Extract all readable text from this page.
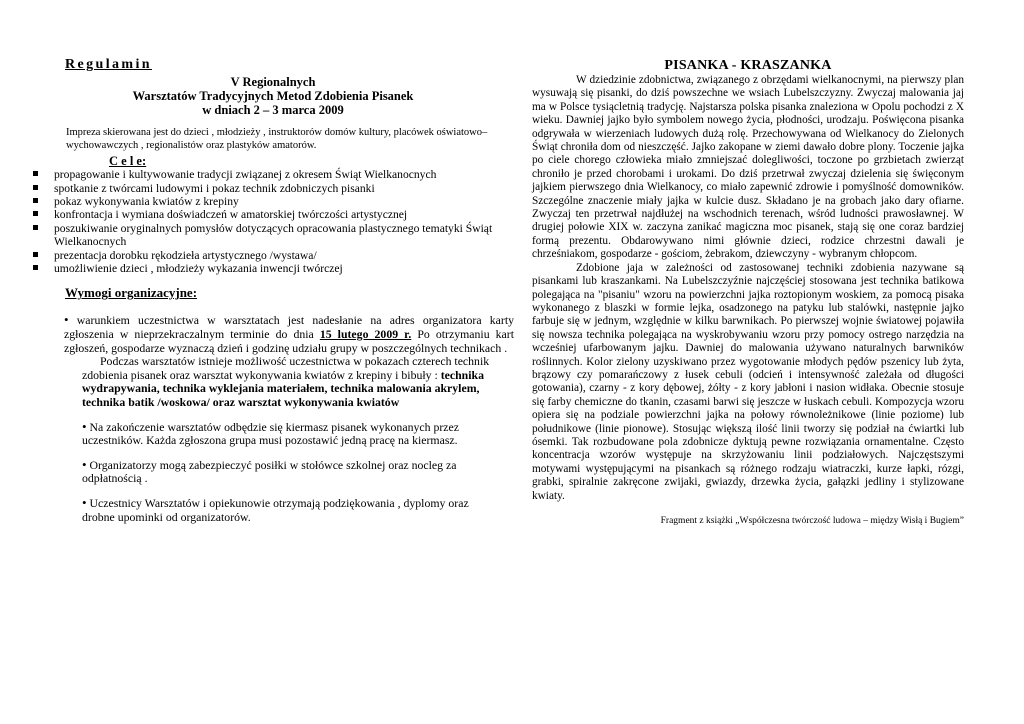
Regulamin
V Regionalnych
Warsztatów Tradycyjnych Metod Zdobienia Pisanek
w dniach 2 – 3 marca 2009
Impreza skierowana jest do dzieci , młodzieży , instruktorów domów kultury, placówek oświatowo–wychowawczych , regionalistów oraz plastyków amatorów.
C e l e:
propagowanie i kultywowanie tradycji związanej z okresem Świąt Wielkanocnych
spotkanie z twórcami ludowymi i pokaz technik zdobniczych pisanki
pokaz wykonywania kwiatów z krepiny
konfrontacja i wymiana doświadczeń w amatorskiej twórczości artystycznej
poszukiwanie oryginalnych pomysłów dotyczących opracowania plastycznego tematyki Świąt Wielkanocnych
prezentacja dorobku rękodzieła artystycznego /wystawa/
umożliwienie dzieci , młodzieży wykazania inwencji twórczej
Wymogi organizacyjne:
• warunkiem uczestnictwa w warsztatach jest nadesłanie na adres organizatora karty zgłoszenia w nieprzekraczalnym terminie do dnia 15 lutego 2009 r. Po otrzymaniu kart zgłoszeń, gospodarze wyznaczą dzień i godzinę udziału grupy w poszczególnych technikach .
Podczas warsztatów istnieje możliwość uczestnictwa w pokazach czterech technik zdobienia pisanek oraz warsztat wykonywania kwiatów z krepiny i bibuły : technika wydrapywania, technika wyklejania materiałem, technika malowania akrylem, technika batik /woskowa/ oraz warsztat wykonywania kwiatów
• Na zakończenie warsztatów odbędzie się kiermasz pisanek wykonanych przez uczestników. Każda zgłoszona grupa musi pozostawić jedną pracę na kiermasz.
• Organizatorzy mogą zabezpieczyć posiłki w stołówce szkolnej oraz nocleg za odpłatnością .
• Uczestnicy Warsztatów i opiekunowie otrzymają podziękowania , dyplomy oraz drobne upominki od organizatorów.
PISANKA - KRASZANKA

W dziedzinie zdobnictwa, związanego z obrzędami wielkanocnymi, na pierwszy plan wysuwają się pisanki, do dziś powszechne we wsiach Lubelszczyzny. Zwyczaj malowania jaj ma w Polsce tysiącletnią tradycję. Najstarsza polska pisanka znaleziona w Opolu pochodzi z X wieku. Dawniej jajko było symbolem nowego życia, płodności, urodzaju. Poświęcona pisanka odgrywała w wierzeniach ludowych dużą rolę. Przechowywana od Wielkanocy do Zielonych Świąt chroniła dom od nieszczęść. Jajko zakopane w ziemi dawało dobre plony. Toczenie jajka po ciele chorego człowieka miało zmniejszać dolegliwości, toczone po grzbietach zwierząt chroniło je przed chorobami i urokami. Do dziś przetrwał zwyczaj dzielenia się święconym jajkiem pierwszego dnia Wielkanocy, co miało zapewnić zdrowie i pomyślność domowników. Szczególne znaczenie miały jajka w kulcie dusz. Składano je na grobach jako dary ofiarne. Zwyczaj ten przetrwał najdłużej na wschodnich terenach, wśród ludności prawosławnej. W drugiej połowie XIX w. zaczyna zanikać magiczna moc pisanek, stają się one coraz bardziej formą prezentu. Obdarowywano nimi głównie dzieci, rodzice chrzestni dawali je chrześniakom, gospodarze - gościom, żebrakom, dziewczyny - wybranym chłopcom.

Zdobione jaja w zależności od zastosowanej techniki zdobienia nazywane są pisankami lub kraszankami. Na Lubelszczyźnie najczęściej stosowana jest technika batikowa polegająca na "pisaniu" wzoru na powierzchni jajka roztopionym woskiem, za pomocą pisaka wykonanego z blaszki w formie lejka, osadzonego na patyku lub stalówki, następnie jajko farbuje się w jednym, względnie w kilku barwnikach. Po pierwszej wojnie światowej pojawiła się nowsza technika polegająca na wyskrobywaniu wzoru przy pomocy ostrego narzędzia na wcześniej ufarbowanym jajku. Dawniej do malowania używano naturalnych barwników roślinnych. Kolor zielony uzyskiwano przez wygotowanie młodych pędów pszenicy lub żyta, brązowy czy pomarańczowy z łusek cebuli (odcień i intensywność zależała od długości gotowania), czarny - z kory dębowej, żółty - z kory jabłoni i nasion widłaka. Obecnie stosuje się farby chemiczne do tkanin, czasami barwi się jeszcze w łuskach cebuli. Kompozycja wzoru opiera się na podziale powierzchni jajka na połowy równoleżnikowe (linie poziome) lub południkowe (linie pionowe). Stosując większą ilość linii tworzy się podział na ćwiartki lub ósemki. Tak rozbudowane pola zdobnicze dyktują pewne rozwiązania ornamentalne. Często koncentracja wzorów występuje na skrzyżowaniu linii podziałowych. Najczęstszymi motywami występującymi na pisankach są różnego rodzaju wiatraczki, kurze łapki, rózgi, grabki, spiralnie zakręcone zwijaki, gwiazdy, drzewka życia, gałązki jedliny i stylizowane kwiaty.

Fragment z książki „Współczesna twórczość ludowa – między Wisłą i Bugiem”
